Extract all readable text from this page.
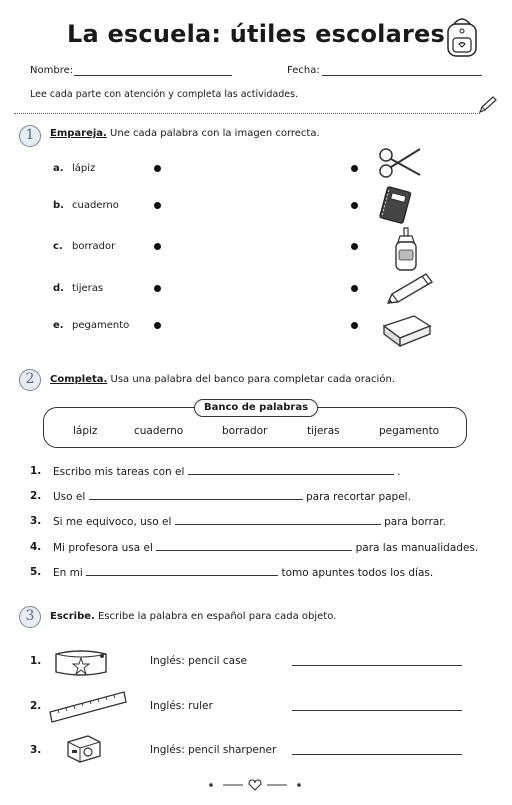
La escuela: útiles escolares
Nombre:	Fecha:
Lee cada parte con atención y completa las actividades.
1	Empareja. Une cada palabra con la imagen correcta.
a. lápiz
b. cuaderno
c. borrador
d. tijeras
e. pegamento
2	Completa. Usa una palabra del banco para completar cada oración.
Banco de palabras
lápiz	cuaderno	borrador	tijeras	pegamento
1. Escribo mis tareas con el	.
2. Uso el	para recortar papel.
3. Si me equivoco, uso el	para borrar.
4. Mi profesora usa el	para las manualidades.
5. En mi	tomo apuntes todos los días.
3	Escribe. Escribe la palabra en español para cada objeto.
1.	Inglés: pencil case
2.	Inglés: ruler
3.	Inglés: pencil sharpener
